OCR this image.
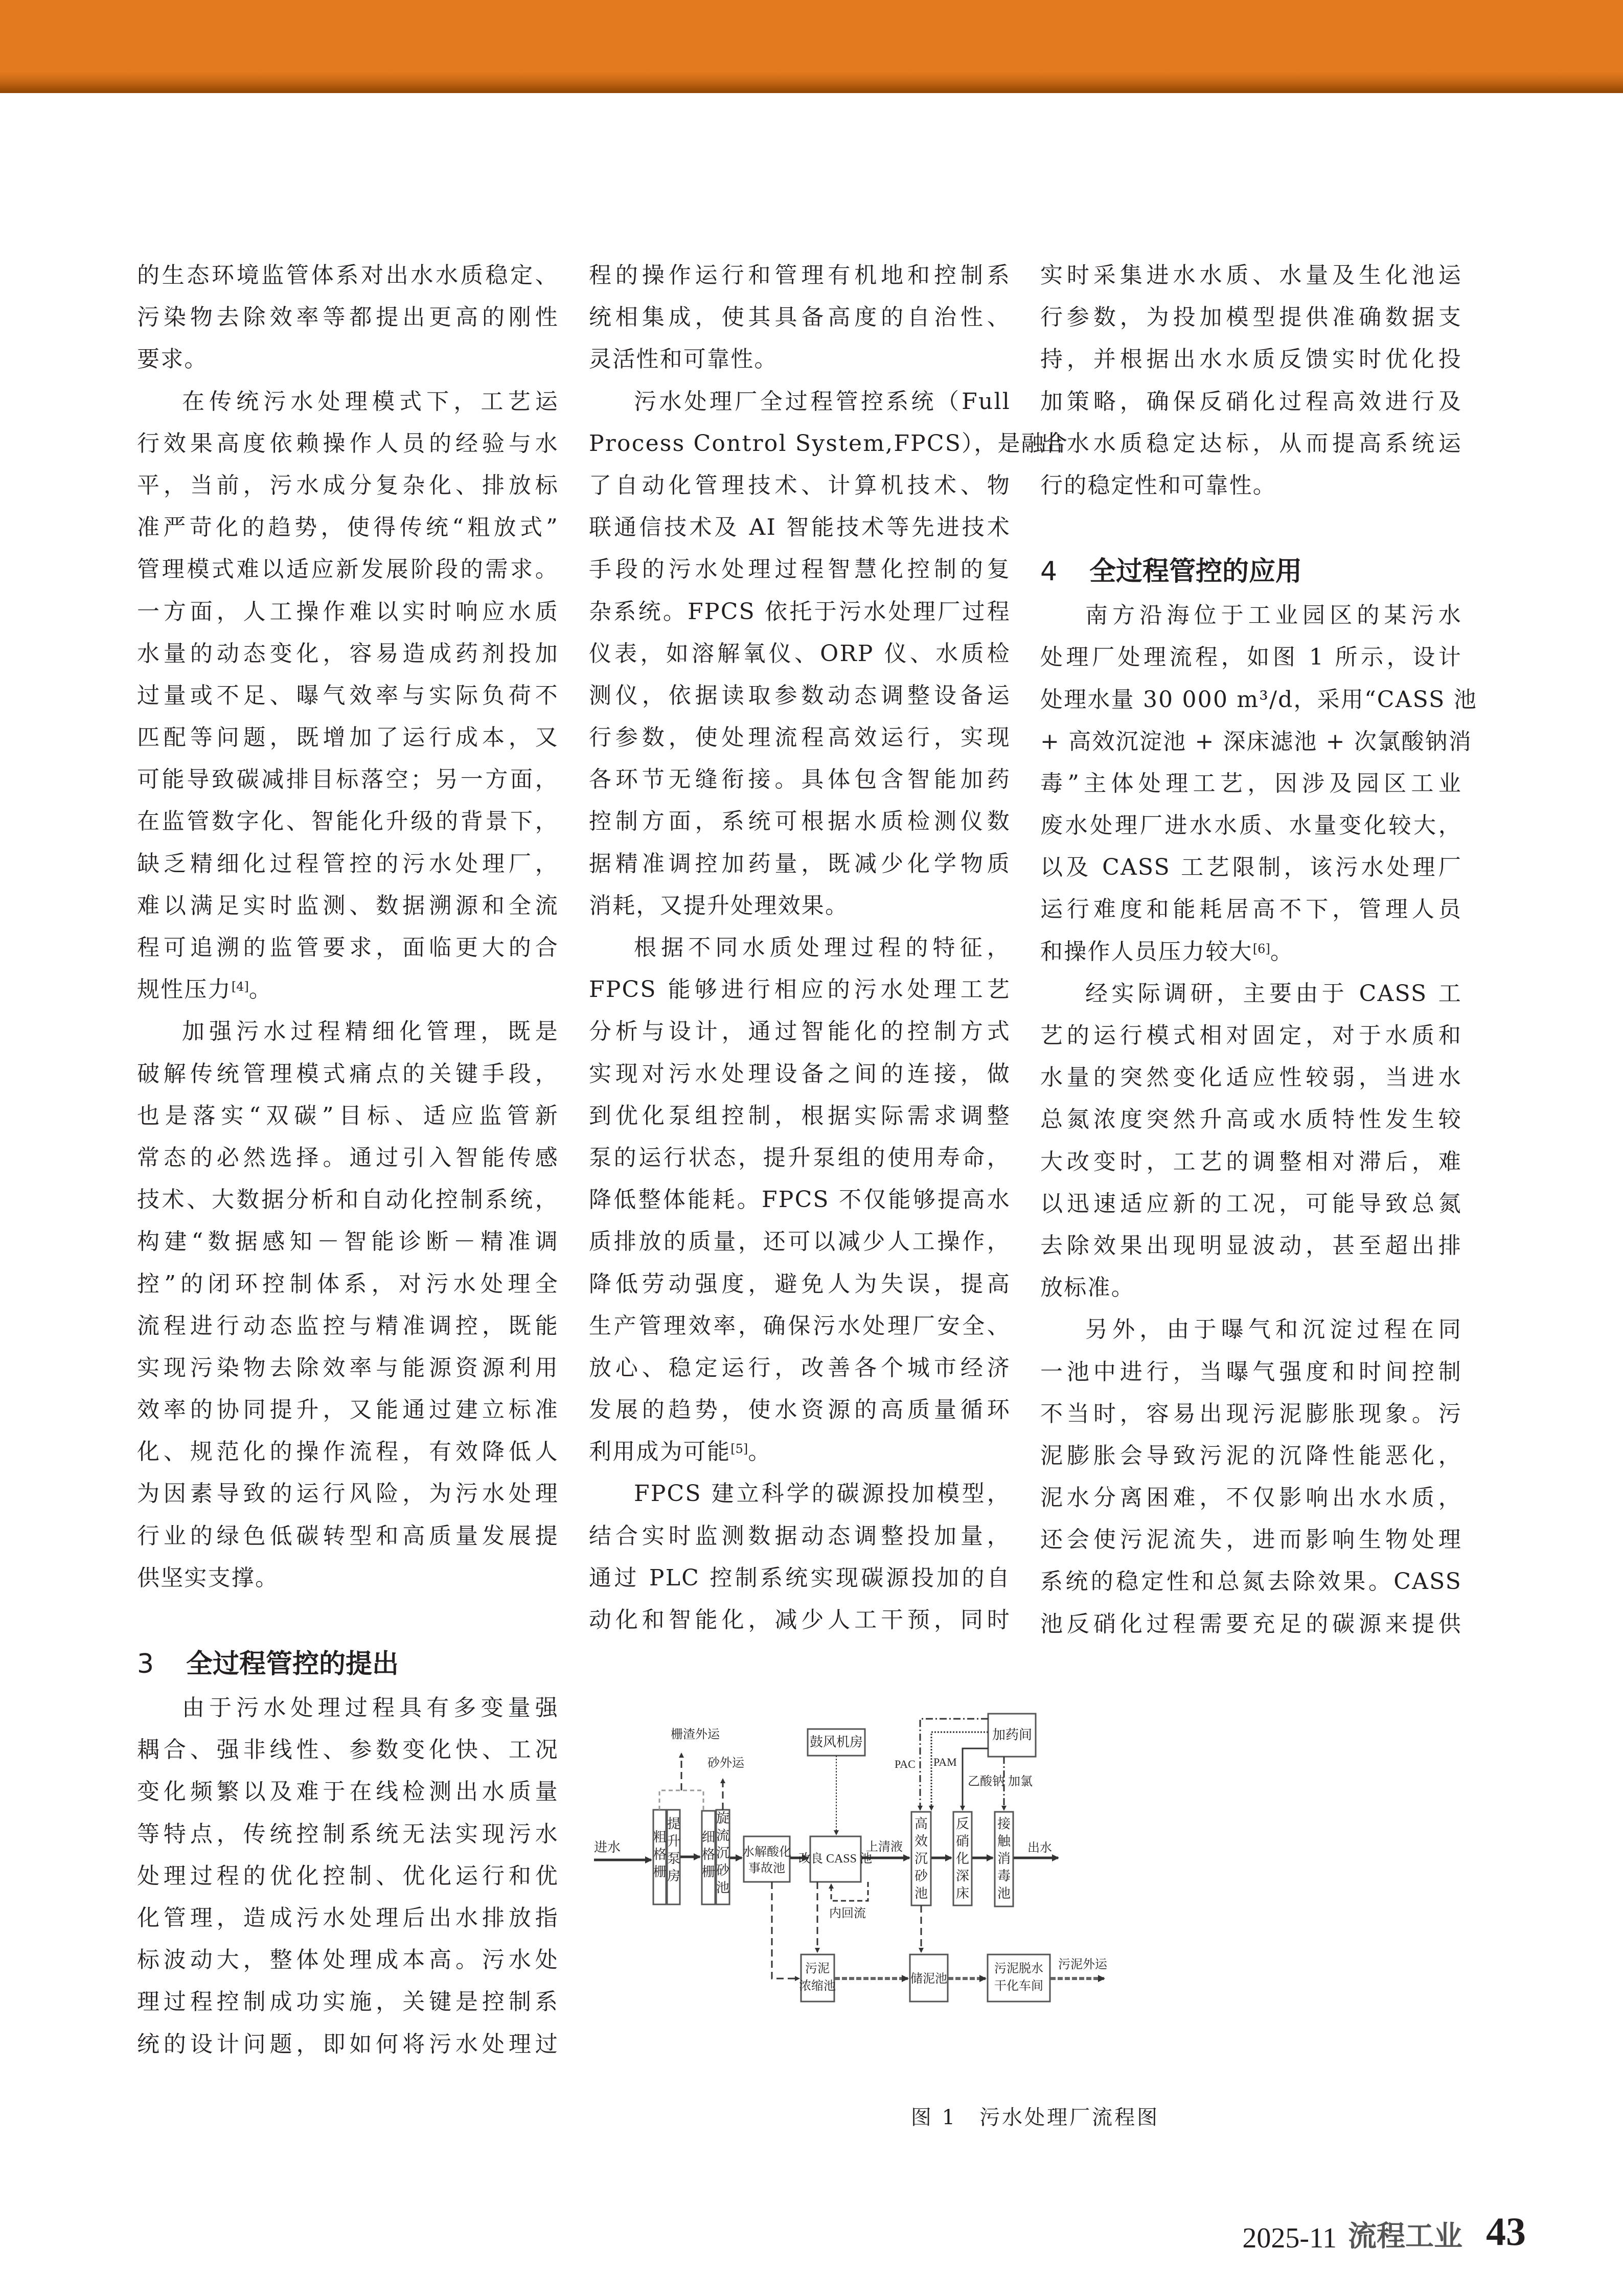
的生态环境监管体系对出水水质稳定、
污染物去除效率等都提出更高的刚性
要求。
在传统污水处理模式下，工艺运
行效果高度依赖操作人员的经验与水
平，当前，污水成分复杂化、排放标
准严苛化的趋势，使得传统“粗放式”
管理模式难以适应新发展阶段的需求。
一方面，人工操作难以实时响应水质
水量的动态变化，容易造成药剂投加
过量或不足、曝气效率与实际负荷不
匹配等问题，既增加了运行成本，又
可能导致碳减排目标落空；另一方面，
在监管数字化、智能化升级的背景下，
缺乏精细化过程管控的污水处理厂，
难以满足实时监测、数据溯源和全流
程可追溯的监管要求，面临更大的合
规性压力[4]。
加强污水过程精细化管理，既是
破解传统管理模式痛点的关键手段，
也是落实“双碳”目标、适应监管新
常态的必然选择。通过引入智能传感
技术、大数据分析和自动化控制系统，
构建“数据感知－智能诊断－精准调
控”的闭环控制体系，对污水处理全
流程进行动态监控与精准调控，既能
实现污染物去除效率与能源资源利用
效率的协同提升，又能通过建立标准
化、规范化的操作流程，有效降低人
为因素导致的运行风险，为污水处理
行业的绿色低碳转型和高质量发展提
供坚实支撑。
3 全过程管控的提出
由于污水处理过程具有多变量强
耦合、强非线性、参数变化快、工况
变化频繁以及难于在线检测出水质量
等特点，传统控制系统无法实现污水
处理过程的优化控制、优化运行和优
化管理，造成污水处理后出水排放指
标波动大，整体处理成本高。污水处
理过程控制成功实施，关键是控制系
统的设计问题，即如何将污水处理过
程的操作运行和管理有机地和控制系
统相集成，使其具备高度的自治性、
灵活性和可靠性。
污水处理厂全过程管控系统（Full
Process Control System,FPCS），是融合
了自动化管理技术、计算机技术、物
联通信技术及 AI 智能技术等先进技术
手段的污水处理过程智慧化控制的复
杂系统。FPCS 依托于污水处理厂过程
仪表，如溶解氧仪、ORP 仪、水质检
测仪，依据读取参数动态调整设备运
行参数，使处理流程高效运行，实现
各环节无缝衔接。具体包含智能加药
控制方面，系统可根据水质检测仪数
据精准调控加药量，既减少化学物质
消耗，又提升处理效果。
根据不同水质处理过程的特征，
FPCS 能够进行相应的污水处理工艺
分析与设计，通过智能化的控制方式
实现对污水处理设备之间的连接，做
到优化泵组控制，根据实际需求调整
泵的运行状态，提升泵组的使用寿命，
降低整体能耗。FPCS 不仅能够提高水
质排放的质量，还可以减少人工操作，
降低劳动强度，避免人为失误，提高
生产管理效率，确保污水处理厂安全、
放心、稳定运行，改善各个城市经济
发展的趋势，使水资源的高质量循环
利用成为可能[5]。
FPCS 建立科学的碳源投加模型，
结合实时监测数据动态调整投加量，
通过 PLC 控制系统实现碳源投加的自
动化和智能化，减少人工干预，同时
实时采集进水水质、水量及生化池运
行参数，为投加模型提供准确数据支
持，并根据出水水质反馈实时优化投
加策略，确保反硝化过程高效进行及
出水水质稳定达标，从而提高系统运
行的稳定性和可靠性。
4 全过程管控的应用
南方沿海位于工业园区的某污水
处理厂处理流程，如图 1 所示，设计
处理水量 30 000 m³/d，采用“CASS 池
+ 高效沉淀池 + 深床滤池 + 次氯酸钠消
毒”主体处理工艺，因涉及园区工业
废水处理厂进水水质、水量变化较大，
以及 CASS 工艺限制，该污水处理厂
运行难度和能耗居高不下，管理人员
和操作人员压力较大[6]。
经实际调研，主要由于 CASS 工
艺的运行模式相对固定，对于水质和
水量的突然变化适应性较弱，当进水
总氮浓度突然升高或水质特性发生较
大改变时，工艺的调整相对滞后，难
以迅速适应新的工况，可能导致总氮
去除效果出现明显波动，甚至超出排
放标准。
另外，由于曝气和沉淀过程在同
一池中进行，当曝气强度和时间控制
不当时，容易出现污泥膨胀现象。污
泥膨胀会导致污泥的沉降性能恶化，
泥水分离困难，不仅影响出水水质，
还会使污泥流失，进而影响生物处理
系统的稳定性和总氮去除效果。CASS
池反硝化过程需要充足的碳源来提供
进水
粗
格
栅
提
升
泵
房
细
格
栅
旋
流
沉
砂
池
水解酸化
事故池
改良 CASS 池
鼓风机房
上清液
高
效
沉
砂
池
反
硝
化
深
床
接
触
消
毒
池
出水
加药间
PAC PAM
乙酸钠 加氯
栅渣外运
砂外运
内回流
污泥
浓缩池
储泥池
污泥脱水
干化车间
污泥外运
图 1　污水处理厂流程图
2025-11 流程工业 43
